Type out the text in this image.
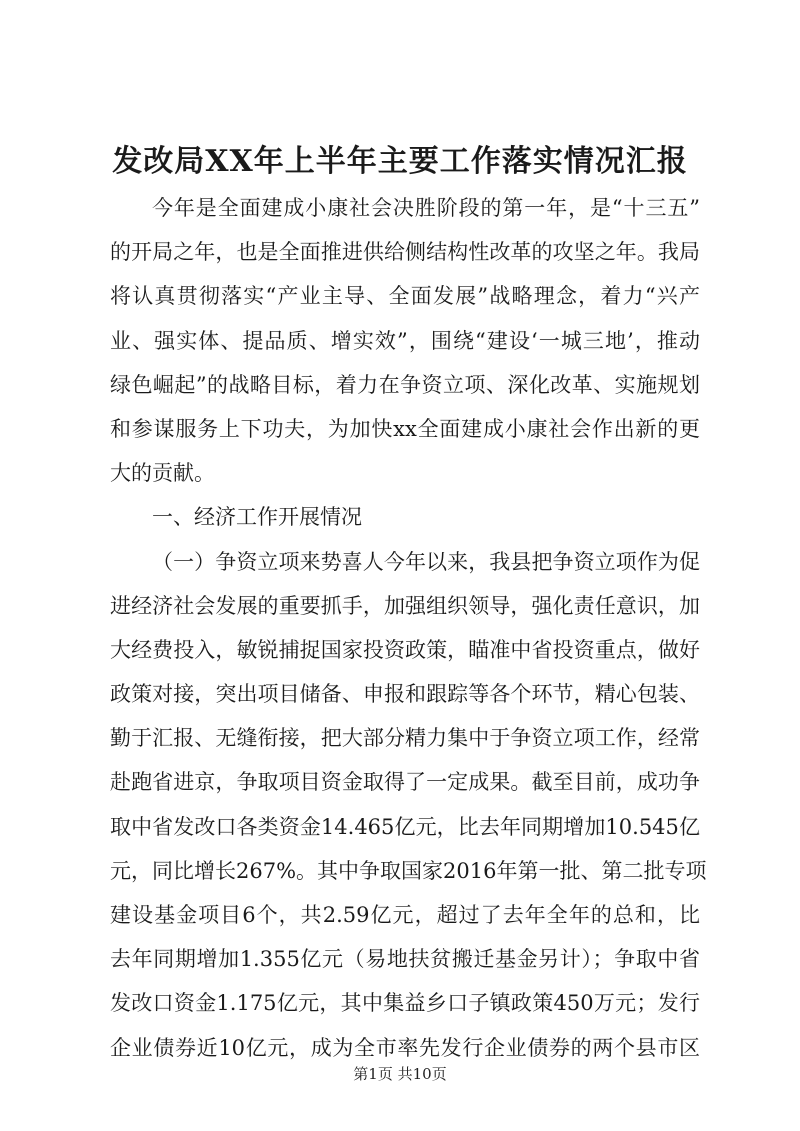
发改局XX年上半年主要工作落实情况汇报
今年是全面建成小康社会决胜阶段的第一年，是“十三五”
的开局之年，也是全面推进供给侧结构性改革的攻坚之年。我局
将认真贯彻落实“产业主导、全面发展”战略理念，着力“兴产
业、强实体、提品质、增实效”，围绕“建设‘一城三地’，推动
绿色崛起”的战略目标，着力在争资立项、深化改革、实施规划
和参谋服务上下功夫，为加快xx全面建成小康社会作出新的更
大的贡献。
一、经济工作开展情况
（一）争资立项来势喜人今年以来，我县把争资立项作为促
进经济社会发展的重要抓手，加强组织领导，强化责任意识，加
大经费投入，敏锐捕捉国家投资政策，瞄准中省投资重点，做好
政策对接，突出项目储备、申报和跟踪等各个环节，精心包装、
勤于汇报、无缝衔接，把大部分精力集中于争资立项工作，经常
赴跑省进京，争取项目资金取得了一定成果。截至目前，成功争
取中省发改口各类资金14.465亿元，比去年同期增加10.545亿
元，同比增长267%。其中争取国家2016年第一批、第二批专项
建设基金项目6个，共2.59亿元，超过了去年全年的总和，比
去年同期增加1.355亿元（易地扶贫搬迁基金另计）；争取中省
发改口资金1.175亿元，其中集益乡口子镇政策450万元；发行
企业债券近10亿元，成为全市率先发行企业债券的两个县市区
第1页 共10页
